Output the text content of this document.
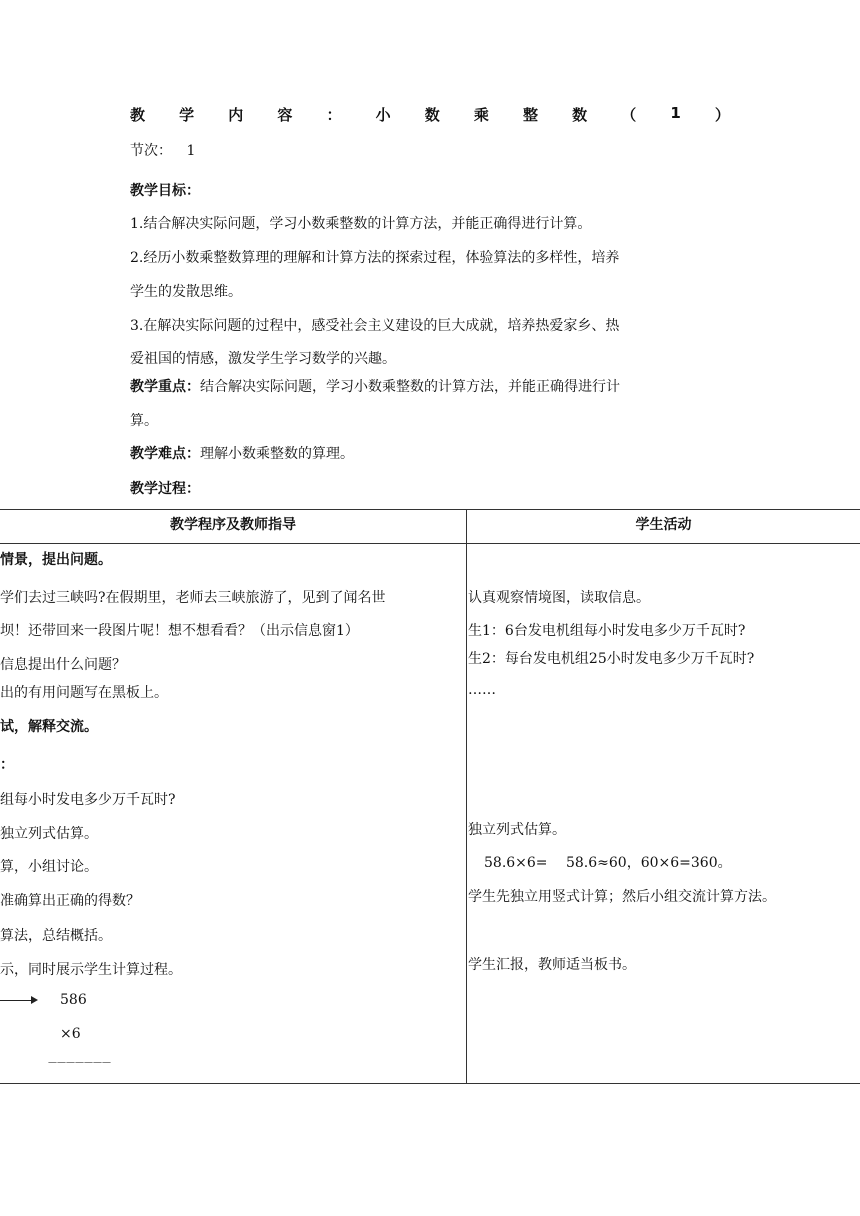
教 学 内 容 ： 小 数 乘 整 数 （ 1 ）
节次： 1
教学目标：
1.结合解决实际问题，学习小数乘整数的计算方法，并能正确得进行计算。
2.经历小数乘整数算理的理解和计算方法的探索过程，体验算法的多样性，培养
学生的发散思维。
3.在解决实际问题的过程中，感受社会主义建设的巨大成就，培养热爱家乡、热
爱祖国的情感，激发学生学习数学的兴趣。
教学重点：结合解决实际问题，学习小数乘整数的计算方法，并能正确得进行计
算。
教学难点：理解小数乘整数的算理。
教学过程：
教学程序及教师指导	学生活动
情景，提出问题。
学们去过三峡吗?在假期里，老师去三峡旅游了，见到了闻名世
坝！还带回来一段图片呢！想不想看看？（出示信息窗1）
信息提出什么问题？
出的有用问题写在黑板上。
试，解释交流。
：
组每小时发电多少万千瓦时?
独立列式估算。
算，小组讨论。
准确算出正确的得数？
算法，总结概括。
示，同时展示学生计算过程。
586
×6
———————
认真观察情境图，读取信息。
生1：6台发电机组每小时发电多少万千瓦时?
生2：每台发电机组25小时发电多少万千瓦时?
……
独立列式估算。
58.6×6=　 58.6≈60，60×6=360。
学生先独立用竖式计算；然后小组交流计算方法。
学生汇报，教师适当板书。
